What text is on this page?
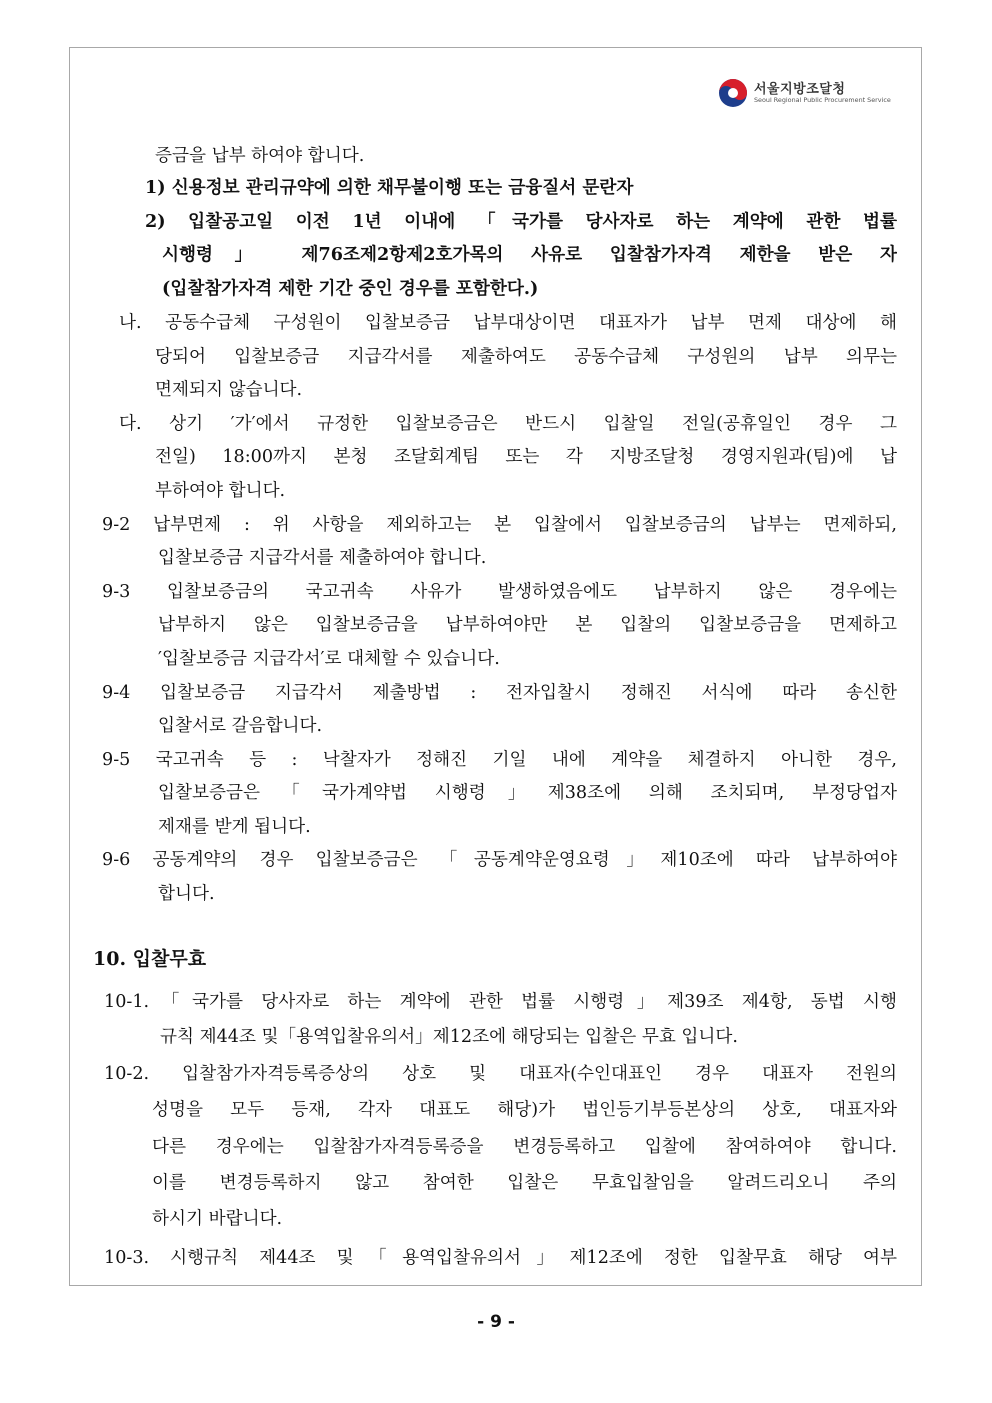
서울지방조달청
Seoul Regional Public Procurement Service
증금을 납부 하여야 합니다.
1) 신용정보 관리규약에 의한 채무불이행 또는 금융질서 문란자
2) 입찰공고일 이전 1년 이내에 「국가를 당사자로 하는 계약에 관한 법률
시행령」 제76조제2항제2호가목의 사유로 입찰참가자격 제한을 받은 자
(입찰참가자격 제한 기간 중인 경우를 포함한다.)
나. 공동수급체 구성원이 입찰보증금 납부대상이면 대표자가 납부 면제 대상에 해
당되어 입찰보증금 지급각서를 제출하여도 공동수급체 구성원의 납부 의무는
면제되지 않습니다.
다. 상기 ′가′에서 규정한 입찰보증금은 반드시 입찰일 전일(공휴일인 경우 그
전일) 18:00까지 본청 조달회계팀 또는 각 지방조달청 경영지원과(팀)에 납
부하여야 합니다.
9-2 납부면제 : 위 사항을 제외하고는 본 입찰에서 입찰보증금의 납부는 면제하되,
입찰보증금 지급각서를 제출하여야 합니다.
9-3 입찰보증금의 국고귀속 사유가 발생하였음에도 납부하지 않은 경우에는
납부하지 않은 입찰보증금을 납부하여야만 본 입찰의 입찰보증금을 면제하고
′입찰보증금 지급각서′로 대체할 수 있습니다.
9-4 입찰보증금 지급각서 제출방법 : 전자입찰시 정해진 서식에 따라 송신한
입찰서로 갈음합니다.
9-5 국고귀속 등 : 낙찰자가 정해진 기일 내에 계약을 체결하지 아니한 경우,
입찰보증금은「국가계약법 시행령」제38조에 의해 조치되며, 부정당업자
제재를 받게 됩니다.
9-6 공동계약의 경우 입찰보증금은 「공동계약운영요령」제10조에 따라 납부하여야
합니다.
10. 입찰무효
10-1.「국가를 당사자로 하는 계약에 관한 법률 시행령」제39조 제4항, 동법 시행
규칙 제44조 및「용역입찰유의서」제12조에 해당되는 입찰은 무효 입니다.
10-2. 입찰참가자격등록증상의 상호 및 대표자(수인대표인 경우 대표자 전원의
성명을 모두 등재, 각자 대표도 해당)가 법인등기부등본상의 상호, 대표자와
다른 경우에는 입찰참가자격등록증을 변경등록하고 입찰에 참여하여야 합니다.
이를 변경등록하지 않고 참여한 입찰은 무효입찰임을 알려드리오니 주의
하시기 바랍니다.
10-3. 시행규칙 제44조 및「용역입찰유의서」제12조에 정한 입찰무효 해당 여부
- 9 -
